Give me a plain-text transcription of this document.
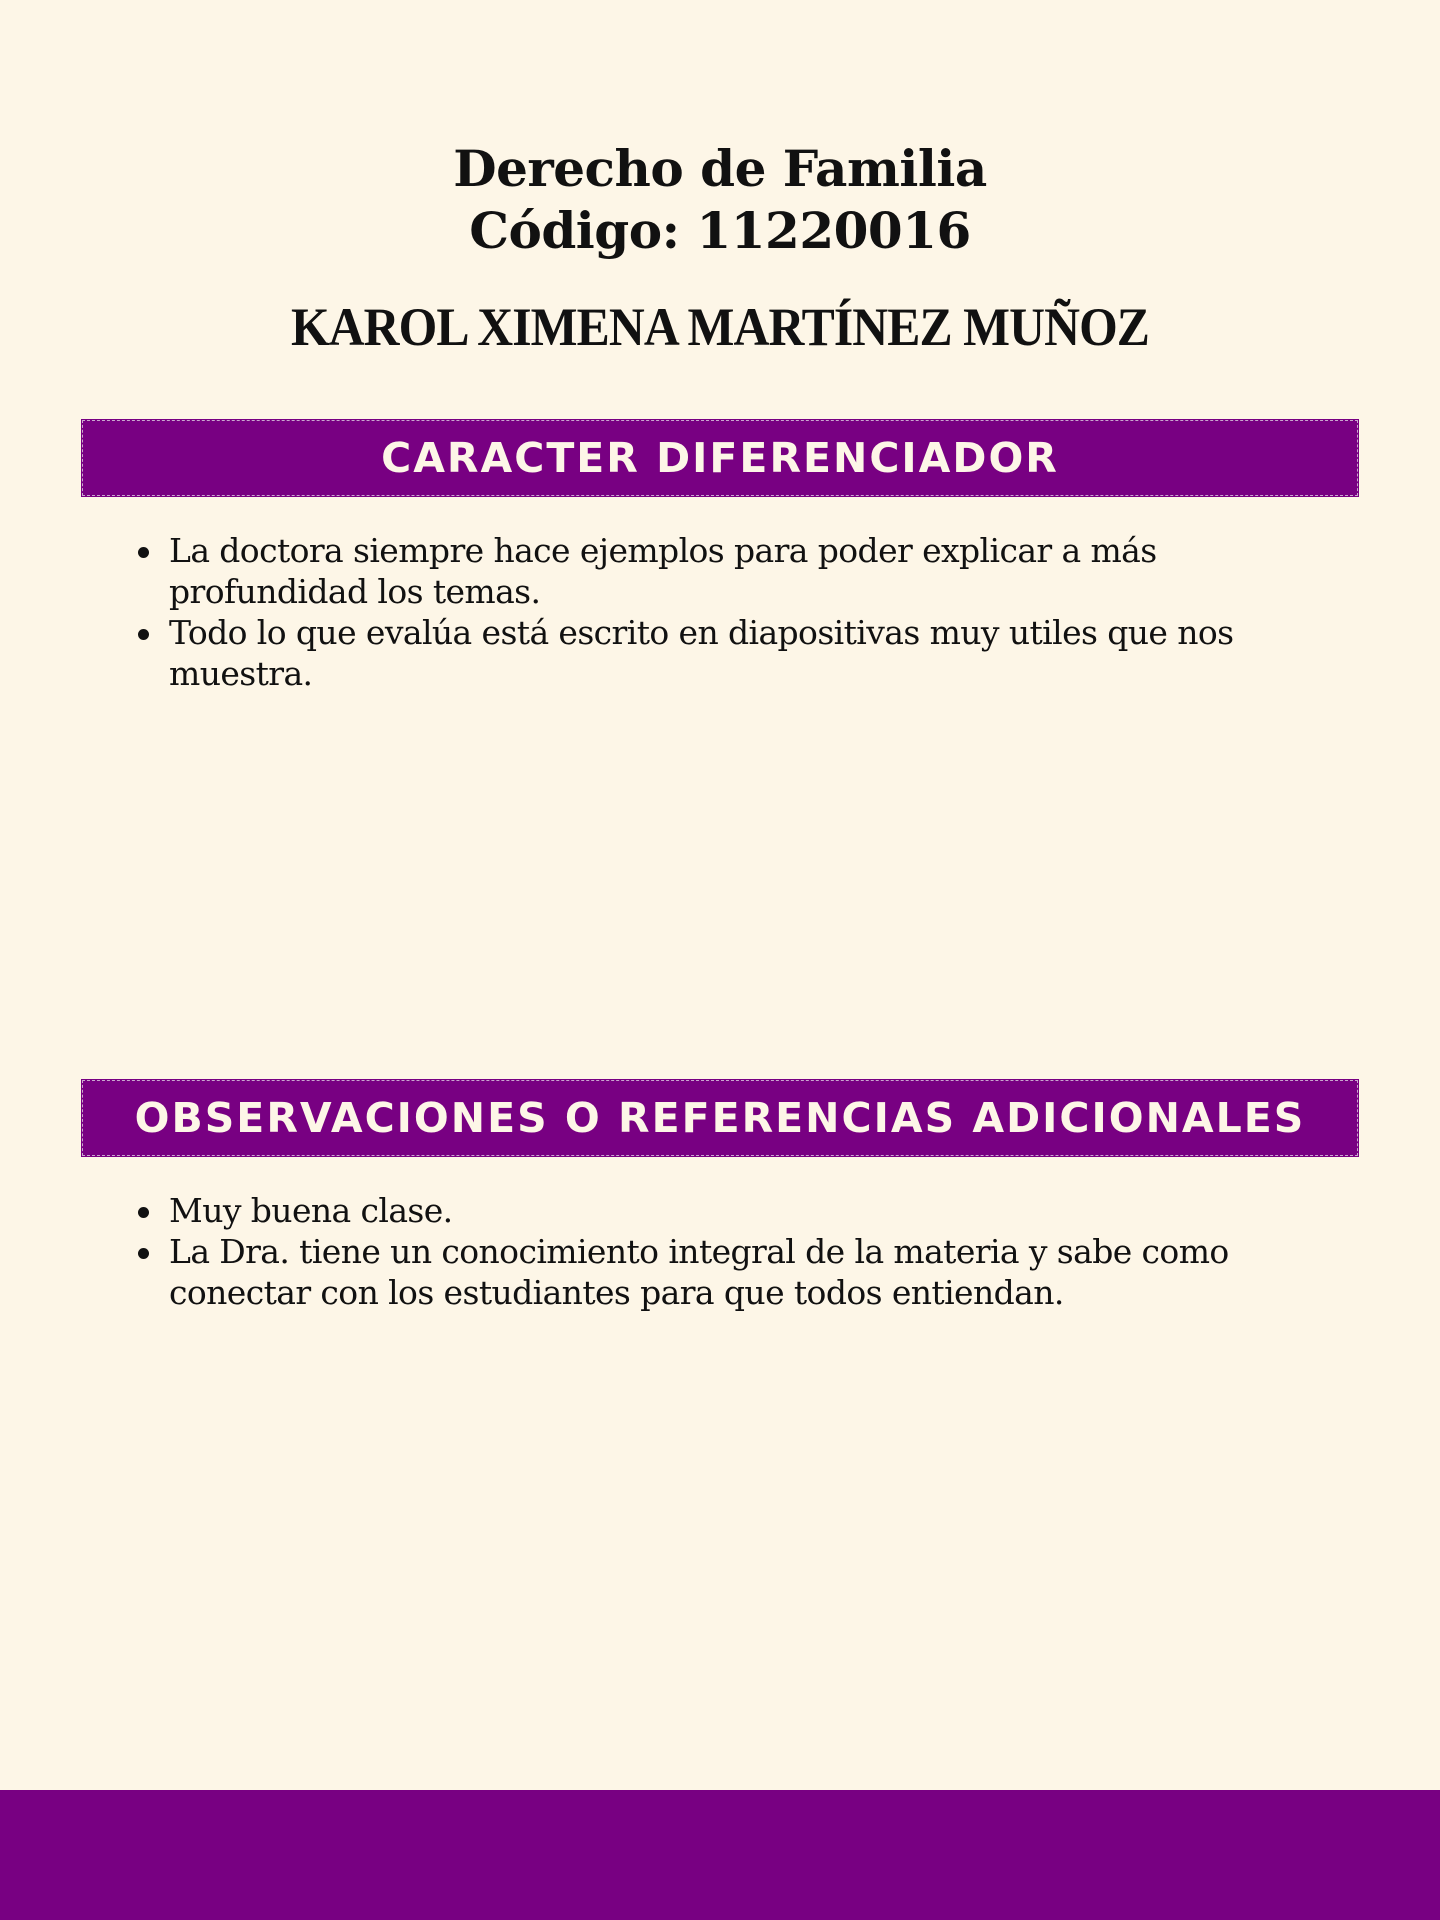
Derecho de Familia
Código: 11220016
KAROL XIMENA MARTÍNEZ MUÑOZ
CARACTER DIFERENCIADOR
La doctora siempre hace ejemplos para poder explicar a más profundidad los temas.
Todo lo que evalúa está escrito en diapositivas muy utiles que nos muestra.
OBSERVACIONES O REFERENCIAS ADICIONALES
Muy buena clase.
La Dra. tiene un conocimiento integral de la materia y sabe como conectar con los estudiantes para que todos entiendan.
